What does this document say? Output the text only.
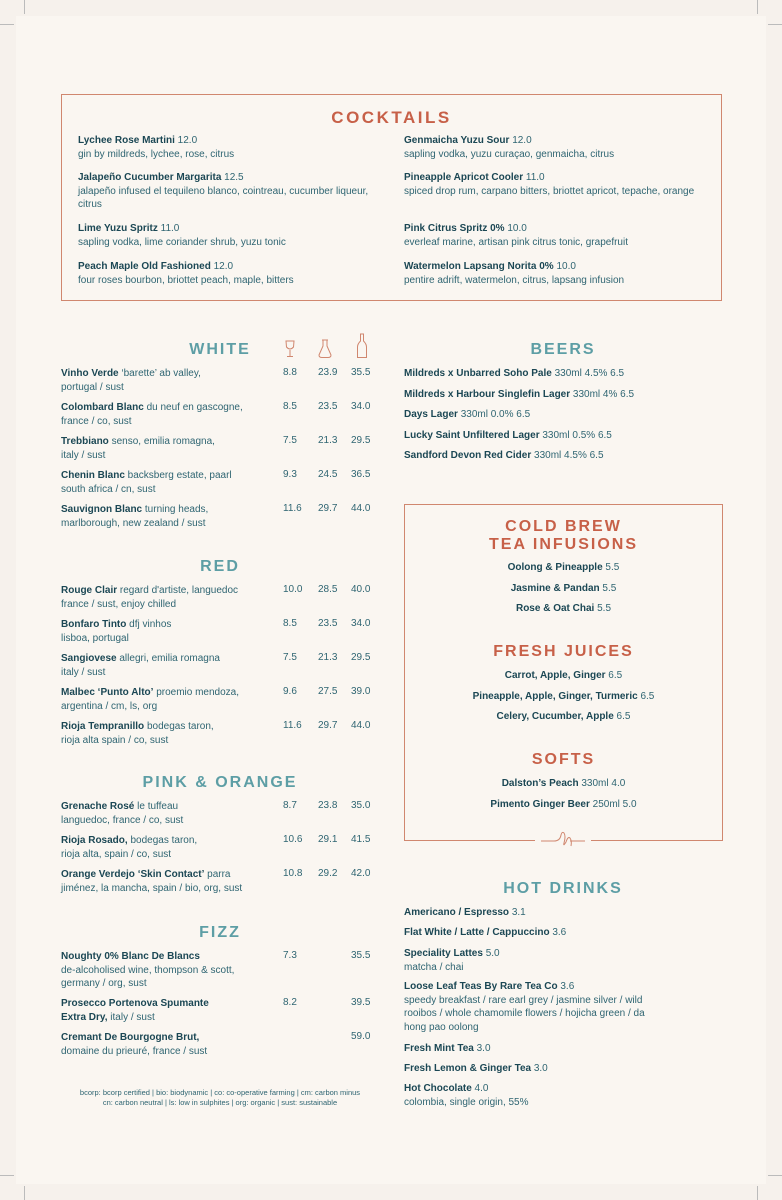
COCKTAILS
Lychee Rose Martini 12.0
gin by mildreds, lychee, rose, citrus
Jalapeño Cucumber Margarita 12.5
jalapeño infused el tequileno blanco, cointreau, cucumber liqueur, citrus
Lime Yuzu Spritz 11.0
sapling vodka, lime coriander shrub, yuzu tonic
Peach Maple Old Fashioned 12.0
four roses bourbon, briottet peach, maple, bitters
Genmaicha Yuzu Sour 12.0
sapling vodka, yuzu curaçao, genmaicha, citrus
Pineapple Apricot Cooler 11.0
spiced drop rum, carpano bitters, briottet apricot, tepache, orange
Pink Citrus Spritz 0% 10.0
everleaf marine, artisan pink citrus tonic, grapefruit
Watermelon Lapsang Norita 0% 10.0
pentire adrift, watermelon, citrus, lapsang infusion
WHITE
Vinho Verde ‘barette’ ab valley,
portugal / sust
8.8 23.9 35.5
Colombard Blanc du neuf en gascogne,
france / co, sust
8.5 23.5 34.0
Trebbiano senso, emilia romagna,
italy / sust
7.5 21.3 29.5
Chenin Blanc backsberg estate, paarl
south africa / cn, sust
9.3 24.5 36.5
Sauvignon Blanc turning heads,
marlborough, new zealand / sust
11.6 29.7 44.0
RED
Rouge Clair regard d'artiste, languedoc
france / sust, enjoy chilled
10.0 28.5 40.0
Bonfaro Tinto dfj vinhos
lisboa, portugal
8.5 23.5 34.0
Sangiovese allegri, emilia romagna
italy / sust
7.5 21.3 29.5
Malbec ‘Punto Alto’ proemio mendoza,
argentina / cm, ls, org
9.6 27.5 39.0
Rioja Tempranillo bodegas taron,
rioja alta spain / co, sust
11.6 29.7 44.0
PINK & ORANGE
Grenache Rosé le tuffeau
languedoc, france / co, sust
8.7 23.8 35.0
Rioja Rosado, bodegas taron,
rioja alta, spain / co, sust
10.6 29.1 41.5
Orange Verdejo ‘Skin Contact’ parra
jiménez, la mancha, spain / bio, org, sust
10.8 29.2 42.0
FIZZ
Noughty 0% Blanc De Blancs
de-alcoholised wine, thompson & scott,
germany / org, sust
7.3	35.5
Prosecco Portenova Spumante
Extra Dry, italy / sust
8.2	39.5
Cremant De Bourgogne Brut,
domaine du prieuré, france / sust
59.0
bcorp: bcorp certified | bio: biodynamic | co: co-operative farming | cm: carbon minus
cn: carbon neutral | ls: low in sulphites | org: organic | sust: sustainable
BEERS
Mildreds x Unbarred Soho Pale 330ml 4.5% 6.5
Mildreds x Harbour Singlefin Lager 330ml 4% 6.5
Days Lager 330ml 0.0% 6.5
Lucky Saint Unfiltered Lager 330ml 0.5% 6.5
Sandford Devon Red Cider 330ml 4.5% 6.5
COLD BREW
TEA INFUSIONS
Oolong & Pineapple 5.5
Jasmine & Pandan 5.5
Rose & Oat Chai 5.5
FRESH JUICES
Carrot, Apple, Ginger 6.5
Pineapple, Apple, Ginger, Turmeric 6.5
Celery, Cucumber, Apple 6.5
SOFTS
Dalston’s Peach 330ml 4.0
Pimento Ginger Beer 250ml 5.0
HOT DRINKS
Americano / Espresso 3.1
Flat White / Latte / Cappuccino 3.6
Speciality Lattes 5.0
matcha / chai
Loose Leaf Teas By Rare Tea Co 3.6
speedy breakfast / rare earl grey / jasmine silver / wild rooibos / whole chamomile flowers / hojicha green / da hong pao oolong
Fresh Mint Tea 3.0
Fresh Lemon & Ginger Tea 3.0
Hot Chocolate 4.0
colombia, single origin, 55%
